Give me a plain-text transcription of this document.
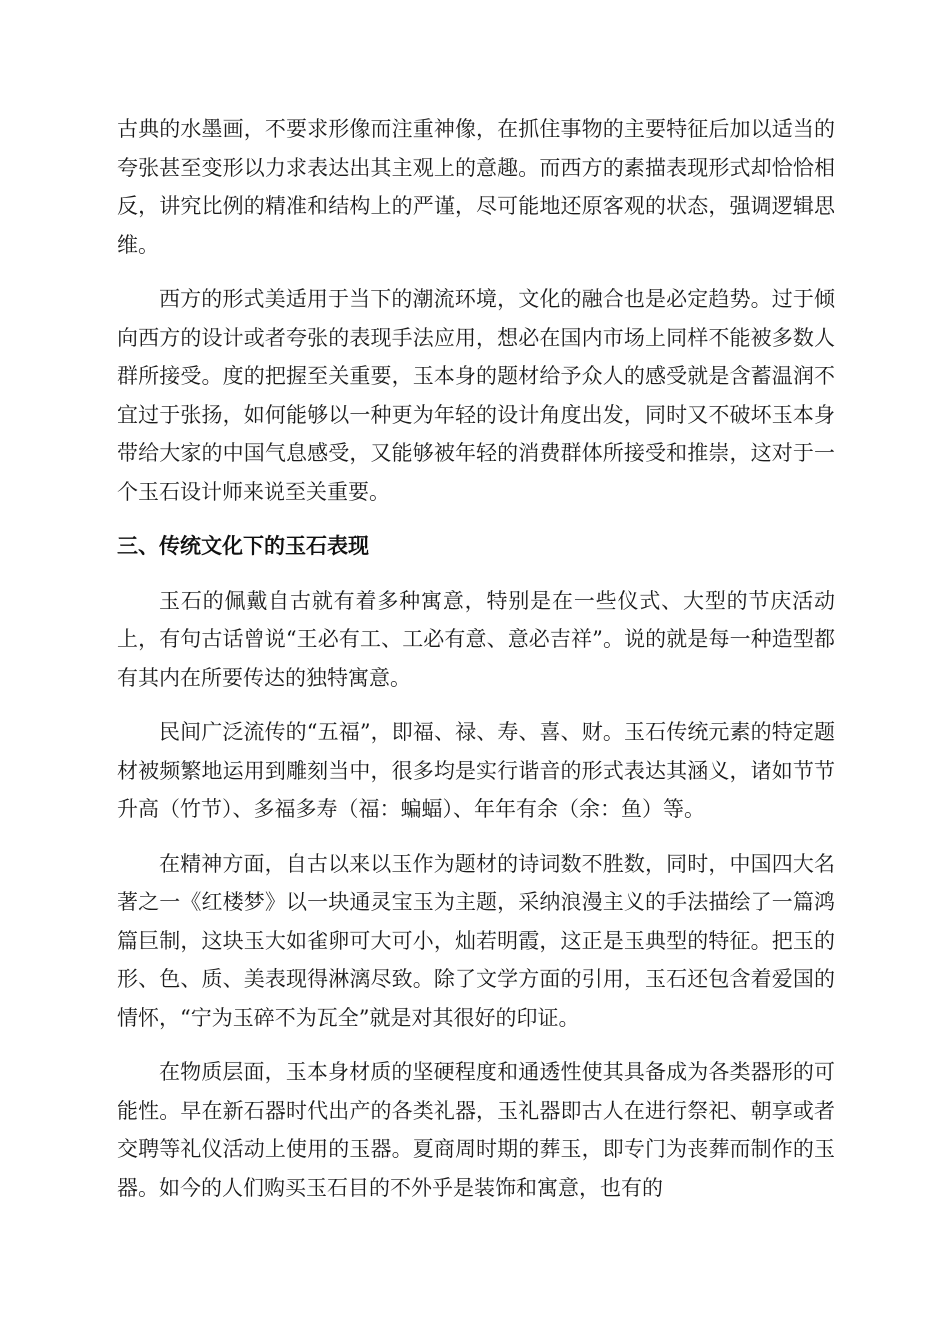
古典的水墨画，不要求形像而注重神像，在抓住事物的主要特征后加以适当的夸张甚至变形以力求表达出其主观上的意趣。而西方的素描表现形式却恰恰相反，讲究比例的精准和结构上的严谨，尽可能地还原客观的状态，强调逻辑思维。

西方的形式美适用于当下的潮流环境，文化的融合也是必定趋势。过于倾向西方的设计或者夸张的表现手法应用，想必在国内市场上同样不能被多数人群所接受。度的把握至关重要，玉本身的题材给予众人的感受就是含蓄温润不宜过于张扬，如何能够以一种更为年轻的设计角度出发，同时又不破坏玉本身带给大家的中国气息感受，又能够被年轻的消费群体所接受和推崇，这对于一个玉石设计师来说至关重要。

三、传统文化下的玉石表现

玉石的佩戴自古就有着多种寓意，特别是在一些仪式、大型的节庆活动上，有句古话曾说“王必有工、工必有意、意必吉祥”。说的就是每一种造型都有其内在所要传达的独特寓意。

民间广泛流传的“五福”，即福、禄、寿、喜、财。玉石传统元素的特定题材被频繁地运用到雕刻当中，很多均是实行谐音的形式表达其涵义，诸如节节升高（竹节）、多福多寿（福：蝙蝠）、年年有余（余：鱼）等。

在精神方面，自古以来以玉作为题材的诗词数不胜数，同时，中国四大名著之一《红楼梦》以一块通灵宝玉为主题，采纳浪漫主义的手法描绘了一篇鸿篇巨制，这块玉大如雀卵可大可小，灿若明霞，这正是玉典型的特征。把玉的形、色、质、美表现得淋漓尽致。除了文学方面的引用，玉石还包含着爱国的情怀，“宁为玉碎不为瓦全”就是对其很好的印证。

在物质层面，玉本身材质的坚硬程度和通透性使其具备成为各类器形的可能性。早在新石器时代出产的各类礼器，玉礼器即古人在进行祭祀、朝享或者交聘等礼仪活动上使用的玉器。夏商周时期的葬玉，即专门为丧葬而制作的玉器。如今的人们购买玉石目的不外乎是装饰和寓意，也有的
